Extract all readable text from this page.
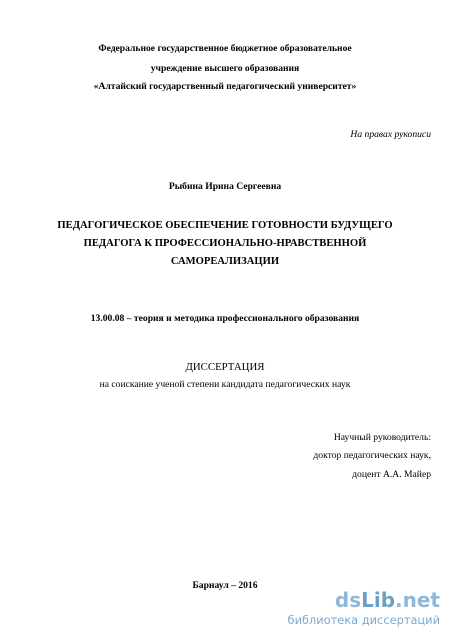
Федеральное государственное бюджетное образовательное
учреждение высшего образования
«Алтайский государственный педагогический университет»
На правах рукописи
Рыбина Ирина Сергеевна
ПЕДАГОГИЧЕСКОЕ ОБЕСПЕЧЕНИЕ ГОТОВНОСТИ БУДУЩЕГО
ПЕДАГОГА К ПРОФЕССИОНАЛЬНО-НРАВСТВЕННОЙ
САМОРЕАЛИЗАЦИИ
13.00.08 – теория и методика профессионального образования
ДИССЕРТАЦИЯ
на соискание ученой степени кандидата педагогических наук
Научный руководитель:
доктор педагогических наук,
доцент А.А. Майер
Барнаул – 2016
dsLib.net
библиотека диссертаций
